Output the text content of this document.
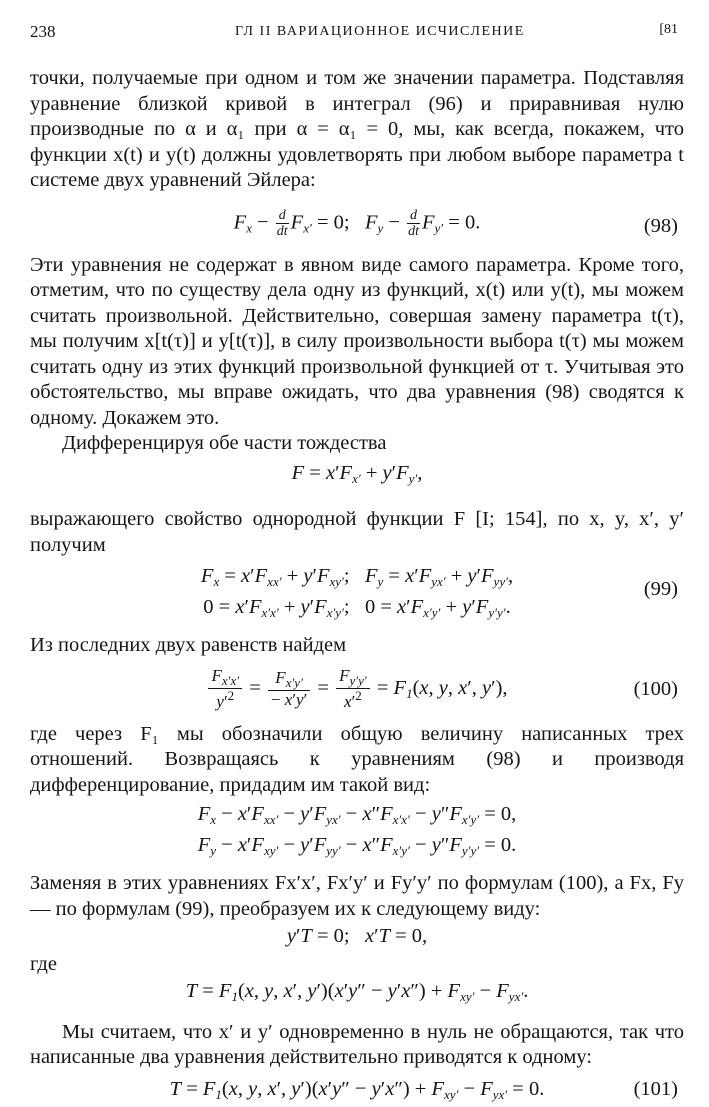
238	ГЛ II ВАРИАЦИОННОЕ ИСЧИСЛЕНИЕ	[81

точки, получаемые при одном и том же значении параметра. Подставляя уравнение близкой кривой в интеграл (96) и приравнивая нулю производные по α и α₁ при α = α₁ = 0, мы, как всегда, покажем, что функции x(t) и y(t) должны удовлетворять при любом выборе параметра t системе двух уравнений Эйлера:

$F_x - \frac{d}{dt} F_{x'} = 0$;   $F_y - \frac{d}{dt} F_{y'} = 0$.	(98)

Эти уравнения не содержат в явном виде самого параметра. Кроме того, отметим, что по существу дела одну из функций, x(t) или y(t), мы можем считать произвольной. Действительно, совершая замену параметра t(τ), мы получим x[t(τ)] и y[t(τ)], в силу произвольности выбора t(τ) мы можем считать одну из этих функций произвольной функцией от τ. Учитывая это обстоятельство, мы вправе ожидать, что два уравнения (98) сводятся к одному. Докажем это.

Дифференцируя обе части тождества

$F = x'F_{x'} + y'F_{y'}$,

выражающего свойство однородной функции F [I; 154], по x, y, x′, y′ получим

$F_x = x'F_{xx'} + y'F_{xy'}$;   $F_y = x'F_{yx'} + y'F_{yy'}$,
$0 = x'F_{x'x'} + y'F_{x'y'}$;   $0 = x'F_{x'y'} + y'F_{y'y'}$.
(99)

Из последних двух равенств найдем

$\frac{F_{x'x'}}{y'^2} = \frac{F_{x'y'}}{- x'y'} = \frac{F_{y'y'}}{x'^2} = F_1(x$, y, x′, y′),	(100)

где через F₁ мы обозначили общую величину написанных трех отношений. Возвращаясь к уравнениям (98) и производя дифференцирование, придадим им такой вид:

$F_x - x'F_{xx'} - y'F_{yx'} - x''F_{x'x'} - y''F_{x'y'} = 0$,
$F_y - x'F_{xy'} - y'F_{yy'} - x''F_{x'y'} - y''F_{y'y'} = 0$.

Заменяя в этих уравнениях Fx′x′, Fx′y′ и Fy′y′ по формулам (100), а Fx, Fy — по формулам (99), преобразуем их к следующему виду:

y′T = 0;   x′T = 0,

где

$T = F_1(x$, y, x′, $y')(x'y'' - y'x'') + F_{xy'} - F_{yx'}$.

Мы считаем, что x′ и y′ одновременно в нуль не обращаются, так что написанные два уравнения действительно приводятся к одному:

$T = F_1(x$, y, x′, $y')(x'y'' - y'x'') + F_{xy'} - F_{yx'} = 0$.	(101)
